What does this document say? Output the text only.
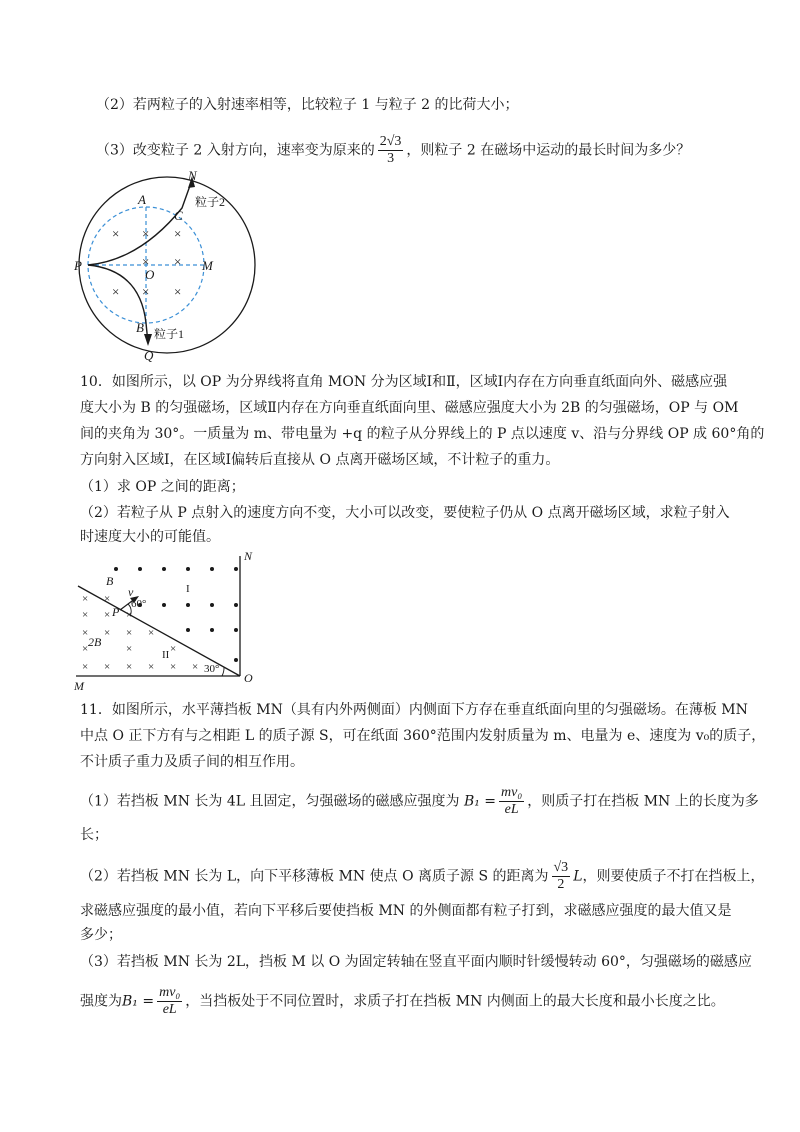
（2）若两粒子的入射速率相等，比较粒子 1 与粒子 2 的比荷大小；
（3）改变粒子 2 入射方向，速率变为原来的 $\frac{2√3}{3}$ ，则粒子 2 在磁场中运动的最长时间为多少？
× × ×
× ×
× × ×
N
A
C
P
O
M
B
Q
粒子2
粒子1
10．如图所示，以 OP 为分界线将直角 MON 分为区域Ⅰ和Ⅱ，区域Ⅰ内存在方向垂直纸面向外、磁感应强
度大小为 B 的匀强磁场，区域Ⅱ内存在方向垂直纸面向里、磁感应强度大小为 2B 的匀强磁场，OP 与 OM
间的夹角为 30°。一质量为 m、带电量为 +q 的粒子从分界线上的 P 点以速度 v、沿与分界线 OP 成 60°角的
方向射入区域Ⅰ，在区域Ⅰ偏转后直接从 O 点离开磁场区域，不计粒子的重力。
（1）求 OP 之间的距离；
（2）若粒子从 P 点射入的速度方向不变，大小可以改变，要使粒子仍从 O 点离开磁场区域，求粒子射入
时速度大小的可能值。
× ×
× ×
× × × ×
×	×	×
× × × × × ×
×
N
M
O
B
P
v
2B
60°
30°
I
II
11．如图所示，水平薄挡板 MN（具有内外两侧面）内侧面下方存在垂直纸面向里的匀强磁场。在薄板 MN
中点 O 正下方有与之相距 L 的质子源 S，可在纸面 360°范围内发射质量为 m、电量为 e、速度为 v₀的质子，
不计质子重力及质子间的相互作用。
（1）若挡板 MN 长为 4L 且固定，匀强磁场的磁感应强度为 $B_1 = \frac{\text{mv₀}}{eL}$ ，则质子打在挡板 MN 上的长度为多
长；
（2）若挡板 MN 长为 L，向下平移薄板 MN 使点 O 离质子源 S 的距离为 $\frac{√3}{2}$ L，则要使质子不打在挡板上，
求磁感应强度的最小值，若向下平移后要使挡板 MN 的外侧面都有粒子打到，求磁感应强度的最大值又是
多少；
（3）若挡板 MN 长为 2L，挡板 M 以 O 为固定转轴在竖直平面内顺时针缓慢转动 60°，匀强磁场的磁感应
强度为$B_1 = \frac{\text{mv₀}}{eL}$ ，当挡板处于不同位置时，求质子打在挡板 MN 内侧面上的最大长度和最小长度之比。
